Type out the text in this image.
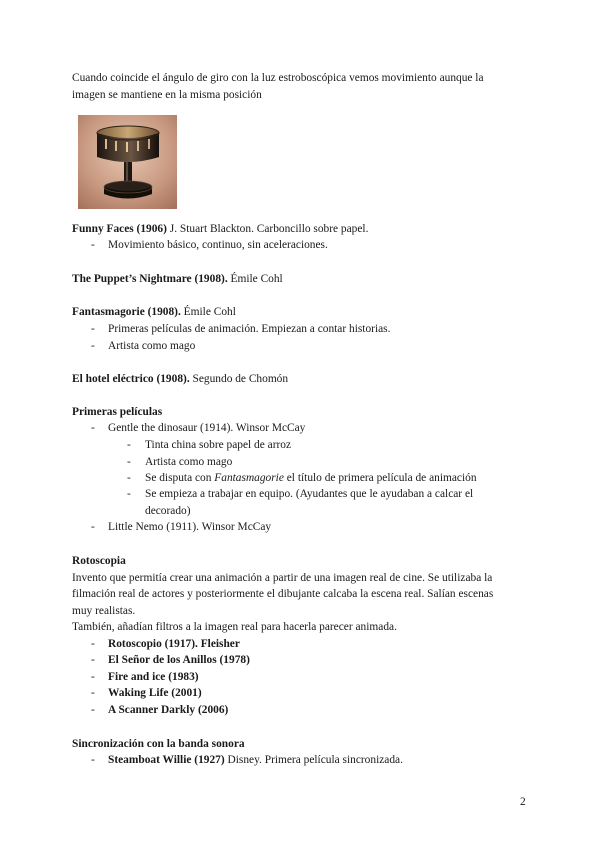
Cuando coincide el ángulo de giro con la luz estroboscópica vemos movimiento aunque la

imagen se mantiene en la misma posición

Funny Faces (1906) J. Stuart Blackton. Carboncillo sobre papel.

- Movimiento básico, continuo, sin aceleraciones.

The Puppet’s Nightmare (1908). Émile Cohl

Fantasmagorie (1908). Émile Cohl

- Primeras películas de animación. Empiezan a contar historias.
- Artista como mago

El hotel eléctrico (1908). Segundo de Chomón

Primeras películas

- Gentle the dinosaur (1914). Winsor McCay
- Tinta china sobre papel de arroz
- Artista como mago
- Se disputa con Fantasmagorie el título de primera película de animación
- Se empieza a trabajar en equipo. (Ayudantes que le ayudaban a calcar el
decorado)
- Little Nemo (1911). Winsor McCay

Rotoscopia

Invento que permitía crear una animación a partir de una imagen real de cine. Se utilizaba la

filmación real de actores y posteriormente el dibujante calcaba la escena real. Salían escenas

muy realistas.

También, añadían filtros a la imagen real para hacerla parecer animada.

- Rotoscopio (1917). Fleisher
- El Señor de los Anillos (1978)
- Fire and ice (1983)
- Waking Life (2001)
- A Scanner Darkly (2006)

Sincronización con la banda sonora

- Steamboat Willie (1927) Disney. Primera película sincronizada.
2
